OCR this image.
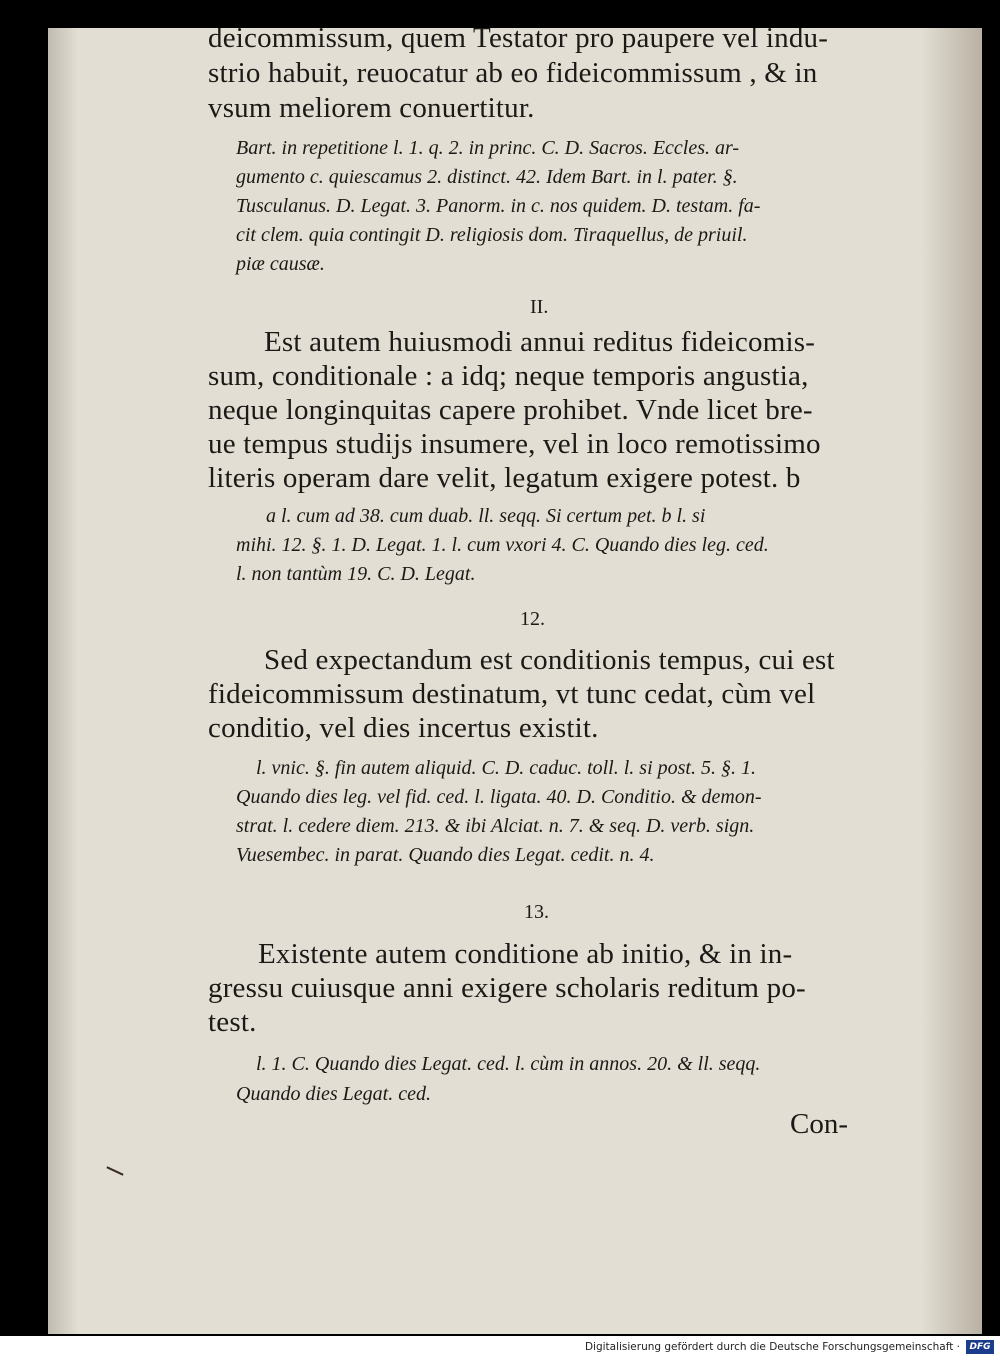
deicommissum, quem Testator pro paupere vel indu-
strio habuit, reuocatur ab eo fideicommissum , & in
vsum meliorem conuertitur.
Bart. in repetitione l. 1. q. 2. in princ. C. D. Sacros. Eccles. ar-
gumento c. quiescamus 2. distinct. 42. Idem Bart. in l. pater. §.
Tusculanus. D. Legat. 3. Panorm. in c. nos quidem. D. testam. fa-
cit clem. quia contingit D. religiosis dom. Tiraquellus, de priuil.
piæ causæ.
II.
Est autem huiusmodi annui reditus fideicomis-
sum, conditionale : a idq; neque temporis angustia,
neque longinquitas capere prohibet. Vnde licet bre-
ue tempus studijs insumere, vel in loco remotissimo
literis operam dare velit, legatum exigere potest. b
a l. cum ad 38. cum duab. ll. seqq. Si certum pet. b l. si
mihi. 12. §. 1. D. Legat. 1. l. cum vxori 4. C. Quando dies leg. ced.
l. non tantùm 19. C. D. Legat.
12.
Sed expectandum est conditionis tempus, cui est
fideicommissum destinatum, vt tunc cedat, cùm vel
conditio, vel dies incertus existit.
l. vnic. §. fin autem aliquid. C. D. caduc. toll. l. si post. 5. §. 1.
Quando dies leg. vel fid. ced. l. ligata. 40. D. Conditio. & demon-
strat. l. cedere diem. 213. & ibi Alciat. n. 7. & seq. D. verb. sign.
Vuesembec. in parat. Quando dies Legat. cedit. n. 4.
13.
Existente autem conditione ab initio, & in in-
gressu cuiusque anni exigere scholaris reditum po-
test.
l. 1. C. Quando dies Legat. ced. l. cùm in annos. 20. & ll. seqq.
Quando dies Legat. ced.
Con-
Digitalisierung gefördert durch die Deutsche Forschungsgemeinschaft ·	DFG
